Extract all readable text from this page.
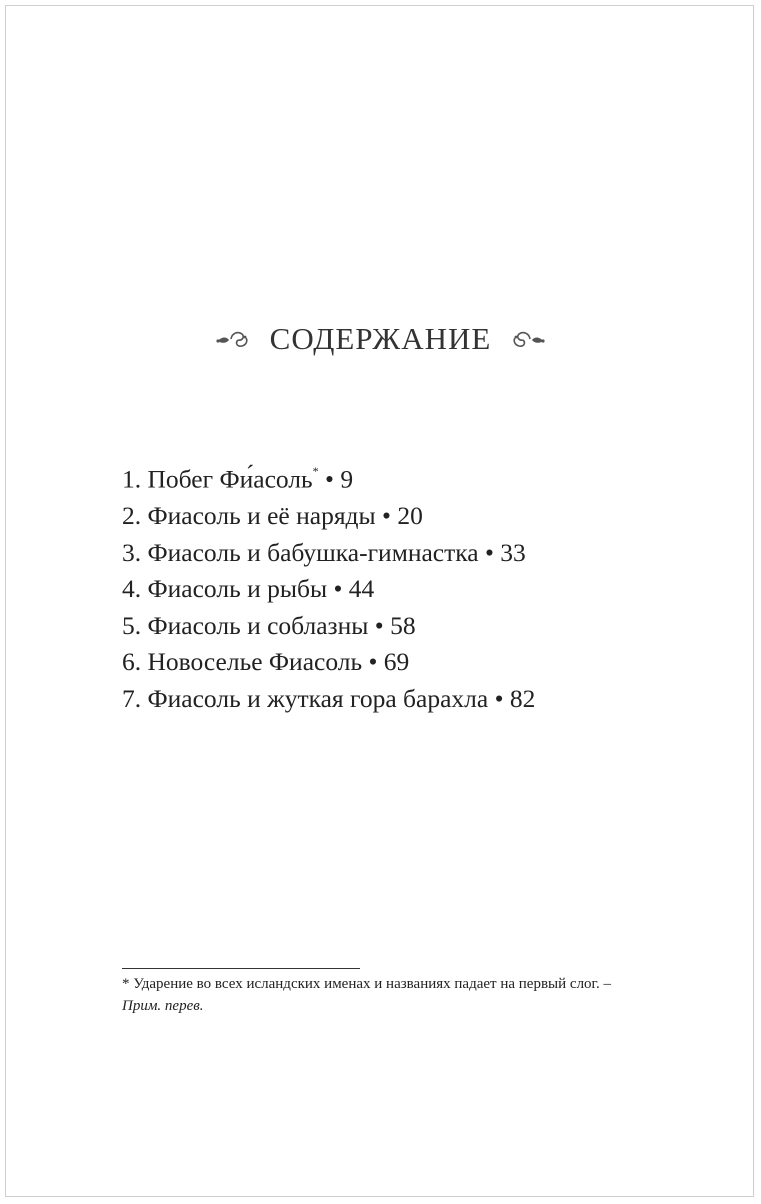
СОДЕРЖАНИЕ
1. Побег Фи́асоль* • 9
2. Фиасоль и её наряды • 20
3. Фиасоль и бабушка-гимнастка • 33
4. Фиасоль и рыбы • 44
5. Фиасоль и соблазны • 58
6. Новоселье Фиасоль • 69
7. Фиасоль и жуткая гора барахла • 82
* Ударение во всех исландских именах и названиях падает на первый слог. – Прим. перев.
